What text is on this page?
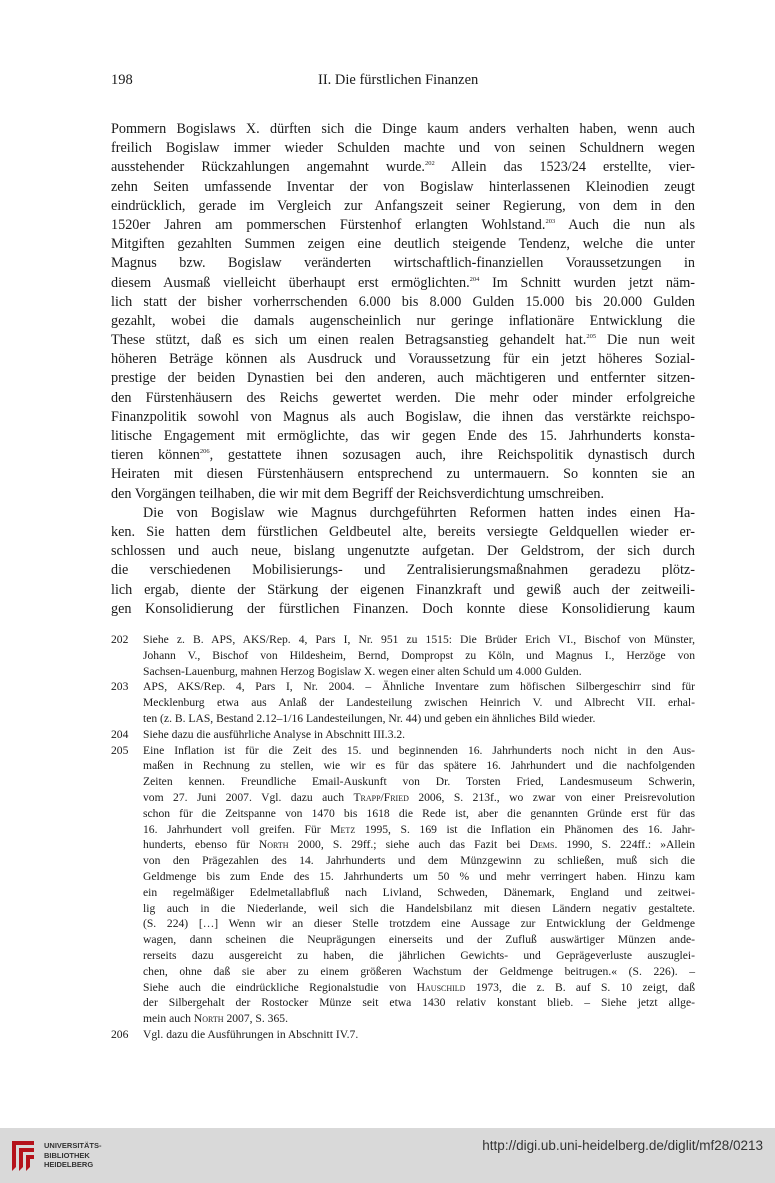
198	II. Die fürstlichen Finanzen
Pommern Bogislaws X. dürften sich die Dinge kaum anders verhalten haben, wenn auch
freilich Bogislaw immer wieder Schulden machte und von seinen Schuldnern wegen
ausstehender Rückzahlungen angemahnt wurde.$^{202}$ Allein das 1523/24 erstellte, vier-
zehn Seiten umfassende Inventar der von Bogislaw hinterlassenen Kleinodien zeugt
eindrücklich, gerade im Vergleich zur Anfangszeit seiner Regierung, von dem in den
1520er Jahren am pommerschen Fürstenhof erlangten Wohlstand.$^{203}$ Auch die nun als
Mitgiften gezahlten Summen zeigen eine deutlich steigende Tendenz, welche die unter
Magnus bzw. Bogislaw veränderten wirtschaftlich-finanziellen Voraussetzungen in
diesem Ausmaß vielleicht überhaupt erst ermöglichten.$^{204}$ Im Schnitt wurden jetzt näm-
lich statt der bisher vorherrschenden 6.000 bis 8.000 Gulden 15.000 bis 20.000 Gulden
gezahlt, wobei die damals augenscheinlich nur geringe inflationäre Entwicklung die
These stützt, daß es sich um einen realen Betragsanstieg gehandelt hat.$^{205}$ Die nun weit
höheren Beträge können als Ausdruck und Voraussetzung für ein jetzt höheres Sozial-
prestige der beiden Dynastien bei den anderen, auch mächtigeren und entfernter sitzen-
den Fürstenhäusern des Reichs gewertet werden. Die mehr oder minder erfolgreiche
Finanzpolitik sowohl von Magnus als auch Bogislaw, die ihnen das verstärkte reichspo-
litische Engagement mit ermöglichte, das wir gegen Ende des 15. Jahrhunderts konsta-
tieren können$^{206}$, gestattete ihnen sozusagen auch, ihre Reichspolitik dynastisch durch
Heiraten mit diesen Fürstenhäusern entsprechend zu untermauern. So konnten sie an
den Vorgängen teilhaben, die wir mit dem Begriff der Reichsverdichtung umschreiben.
Die von Bogislaw wie Magnus durchgeführten Reformen hatten indes einen Ha-
ken. Sie hatten dem fürstlichen Geldbeutel alte, bereits versiegte Geldquellen wieder er-
schlossen und auch neue, bislang ungenutzte aufgetan. Der Geldstrom, der sich durch
die verschiedenen Mobilisierungs- und Zentralisierungsmaßnahmen geradezu plötz-
lich ergab, diente der Stärkung der eigenen Finanzkraft und gewiß auch der zeitweili-
gen Konsolidierung der fürstlichen Finanzen. Doch konnte diese Konsolidierung kaum
202 Siehe z. B. APS, AKS/Rep. 4, Pars I, Nr. 951 zu 1515: Die Brüder Erich VI., Bischof von Münster,
Johann V., Bischof von Hildesheim, Bernd, Dompropst zu Köln, und Magnus I., Herzöge von
Sachsen-Lauenburg, mahnen Herzog Bogislaw X. wegen einer alten Schuld um 4.000 Gulden.
203 APS, AKS/Rep. 4, Pars I, Nr. 2004. – Ähnliche Inventare zum höfischen Silbergeschirr sind für
Mecklenburg etwa aus Anlaß der Landesteilung zwischen Heinrich V. und Albrecht VII. erhal-
ten (z. B. LAS, Bestand 2.12–1/16 Landesteilungen, Nr. 44) und geben ein ähnliches Bild wieder.
204 Siehe dazu die ausführliche Analyse in Abschnitt III.3.2.
205 Eine Inflation ist für die Zeit des 15. und beginnenden 16. Jahrhunderts noch nicht in den Aus-
maßen in Rechnung zu stellen, wie wir es für das spätere 16. Jahrhundert und die nachfolgenden
Zeiten kennen. Freundliche Email-Auskunft von Dr. Torsten Fried, Landesmuseum Schwerin,
vom 27. Juni 2007. Vgl. dazu auch Trapp/Fried 2006, S. 213f., wo zwar von einer Preisrevolution
schon für die Zeitspanne von 1470 bis 1618 die Rede ist, aber die genannten Gründe erst für das
16. Jahrhundert voll greifen. Für Metz 1995, S. 169 ist die Inflation ein Phänomen des 16. Jahr-
hunderts, ebenso für North 2000, S. 29ff.; siehe auch das Fazit bei Dems. 1990, S. 224ff.: »Allein
von den Prägezahlen des 14. Jahrhunderts und dem Münzgewinn zu schließen, muß sich die
Geldmenge bis zum Ende des 15. Jahrhunderts um 50 % und mehr verringert haben. Hinzu kam
ein regelmäßiger Edelmetallabfluß nach Livland, Schweden, Dänemark, England und zeitwei-
lig auch in die Niederlande, weil sich die Handelsbilanz mit diesen Ländern negativ gestaltete.
(S. 224) […] Wenn wir an dieser Stelle trotzdem eine Aussage zur Entwicklung der Geldmenge
wagen, dann scheinen die Neuprägungen einerseits und der Zufluß auswärtiger Münzen ande-
rerseits dazu ausgereicht zu haben, die jährlichen Gewichts- und Geprägeverluste auszuglei-
chen, ohne daß sie aber zu einem größeren Wachstum der Geldmenge beitrugen.« (S. 226). –
Siehe auch die eindrückliche Regionalstudie von Hauschild 1973, die z. B. auf S. 10 zeigt, daß
der Silbergehalt der Rostocker Münze seit etwa 1430 relativ konstant blieb. – Siehe jetzt allge-
mein auch North 2007, S. 365.
206 Vgl. dazu die Ausführungen in Abschnitt IV.7.
UNIVERSITÄTS-
BIBLIOTHEK
HEIDELBERG
http://digi.ub.uni-heidelberg.de/diglit/mf28/0213
